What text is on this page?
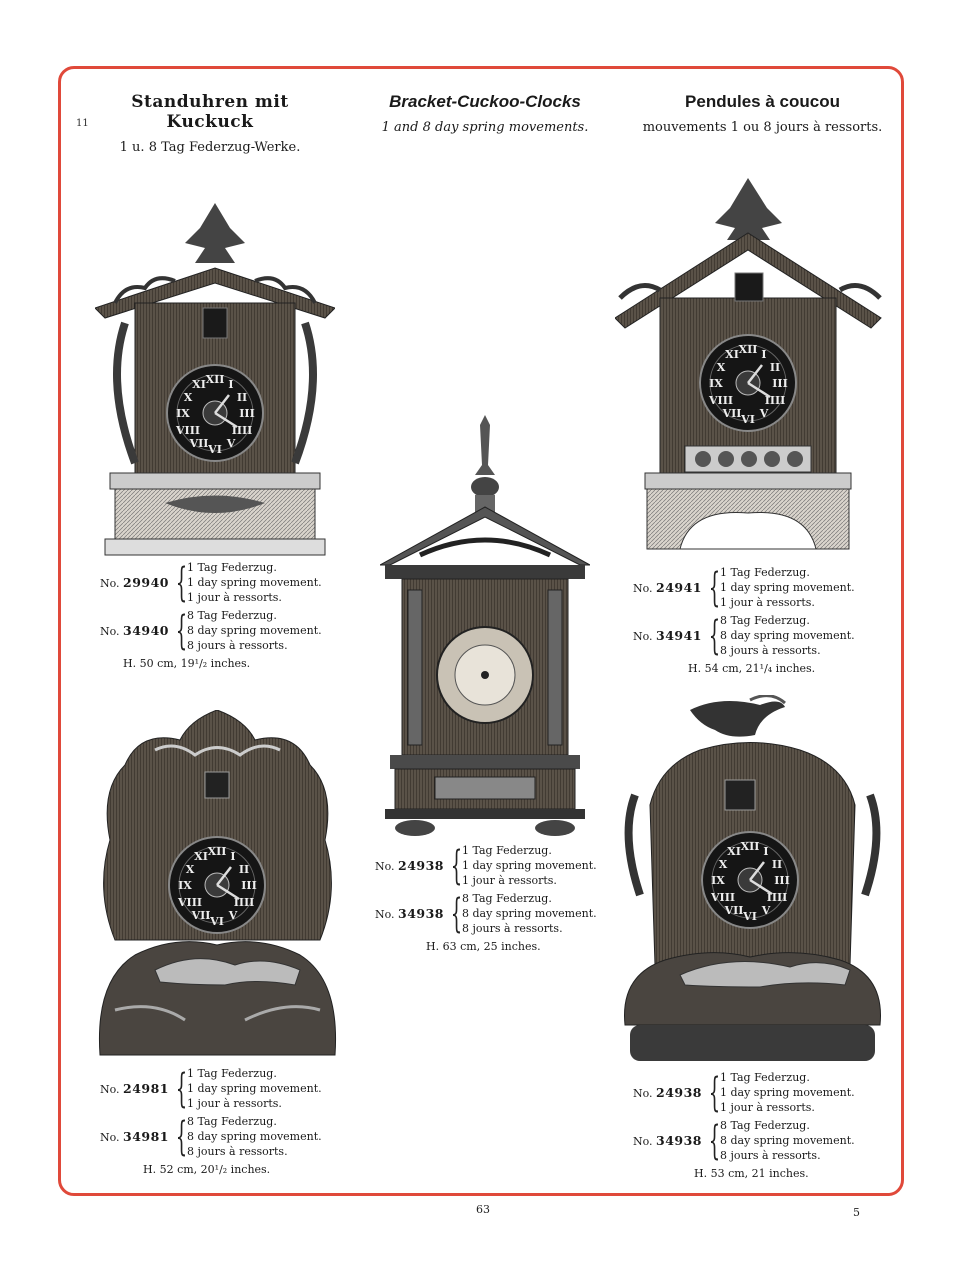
11
Standuhren mit Kuckuck
1 u. 8 Tag Federzug-Werke.
Bracket-Cuckoo-Clocks
1 and 8 day spring movements.
Pendules à coucou
mouvements 1 ou 8 jours à ressorts.
No. 29940 { 1 Tag Federzug.
1 day spring movement.
1 jour à ressorts.
No. 34940 { 8 Tag Federzug.
8 day spring movement.
8 jours à ressorts.
H. 50 cm, 19¹/₂ inches.
No. 24941 { 1 Tag Federzug.
1 day spring movement.
1 jour à ressorts.
No. 34941 { 8 Tag Federzug.
8 day spring movement.
8 jours à ressorts.
H. 54 cm, 21¹/₄ inches.
No. 24938 { 1 Tag Federzug.
1 day spring movement.
1 jour à ressorts.
No. 34938 { 8 Tag Federzug.
8 day spring movement.
8 jours à ressorts.
H. 63 cm, 25 inches.
No. 24981 { 1 Tag Federzug.
1 day spring movement.
1 jour à ressorts.
No. 34981 { 8 Tag Federzug.
8 day spring movement.
8 jours à ressorts.
H. 52 cm, 20¹/₂ inches.
No. 24938 { 1 Tag Federzug.
1 day spring movement.
1 jour à ressorts.
No. 34938 { 8 Tag Federzug.
8 day spring movement.
8 jours à ressorts.
H. 53 cm, 21 inches.
63	5
